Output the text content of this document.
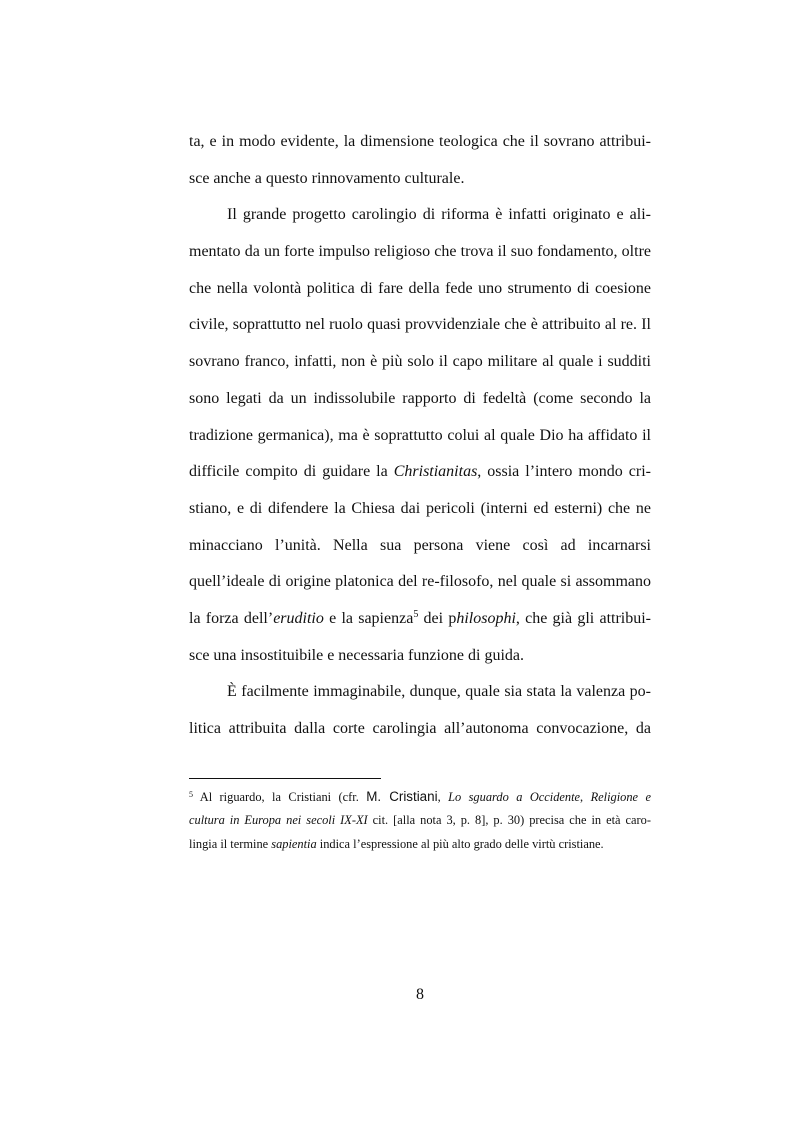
ta, e in modo evidente, la dimensione teologica che il sovrano attribui-
sce anche a questo rinnovamento culturale.
Il grande progetto carolingio di riforma è infatti originato e ali-
mentato da un forte impulso religioso che trova il suo fondamento, oltre
che nella volontà politica di fare della fede uno strumento di coesione
civile, soprattutto nel ruolo quasi provvidenziale che è attribuito al re. Il
sovrano franco, infatti, non è più solo il capo militare al quale i sudditi
sono legati da un indissolubile rapporto di fedeltà (come secondo la
tradizione germanica), ma è soprattutto colui al quale Dio ha affidato il
difficile compito di guidare la Christianitas, ossia l’intero mondo cri-
stiano, e di difendere la Chiesa dai pericoli (interni ed esterni) che ne
minacciano l’unità. Nella sua persona viene così ad incarnarsi
quell’ideale di origine platonica del re-filosofo, nel quale si assommano
la forza dell’eruditio e la sapienza$^5$ dei philosophi, che già gli attribui-
sce una insostituibile e necessaria funzione di guida.
È facilmente immaginabile, dunque, quale sia stata la valenza po-
litica attribuita dalla corte carolingia all’autonoma convocazione, da
$^5$ Al riguardo, la Cristiani (cfr. M. Cristiani, Lo sguardo a Occidente, Religione e
cultura in Europa nei secoli IX-XI cit. [alla nota 3, p. 8], p. 30) precisa che in età caro-
lingia il termine sapientia indica l’espressione al più alto grado delle virtù cristiane.
8
